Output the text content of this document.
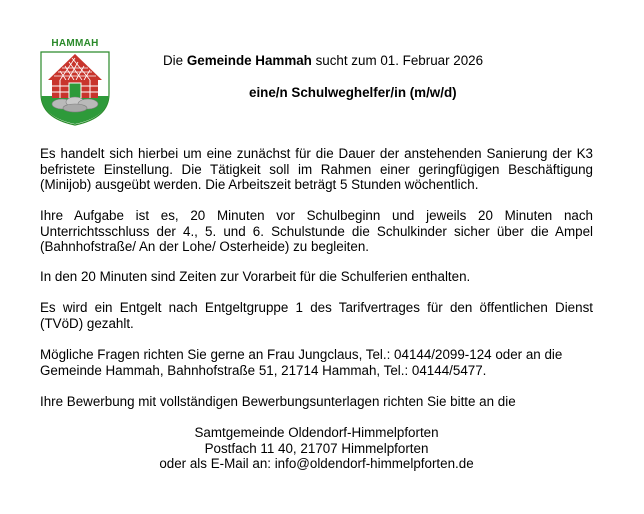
HAMMAH
Die Gemeinde Hammah sucht zum 01. Februar 2026
eine/n Schulweghelfer/in (m/w/d)

Es handelt sich hierbei um eine zunächst für die Dauer der anstehenden Sanierung der K3 befristete Einstellung. Die Tätigkeit soll im Rahmen einer geringfügigen Beschäftigung (Minijob) ausgeübt werden. Die Arbeitszeit beträgt 5 Stunden wöchentlich.

Ihre Aufgabe ist es, 20 Minuten vor Schulbeginn und jeweils 20 Minuten nach Unterrichtsschluss der 4., 5. und 6. Schulstunde die Schulkinder sicher über die Ampel (Bahnhofstraße/ An der Lohe/ Osterheide) zu begleiten.

In den 20 Minuten sind Zeiten zur Vorarbeit für die Schulferien enthalten.

Es wird ein Entgelt nach Entgeltgruppe 1 des Tarifvertrages für den öffentlichen Dienst (TVöD) gezahlt.

Mögliche Fragen richten Sie gerne an Frau Jungclaus, Tel.: 04144/2099-124 oder an die Gemeinde Hammah, Bahnhofstraße 51, 21714 Hammah, Tel.: 04144/5477.

Ihre Bewerbung mit vollständigen Bewerbungsunterlagen richten Sie bitte an die

Samtgemeinde Oldendorf-Himmelpforten
Postfach 11 40, 21707 Himmelpforten
oder als E-Mail an: info@oldendorf-himmelpforten.de
